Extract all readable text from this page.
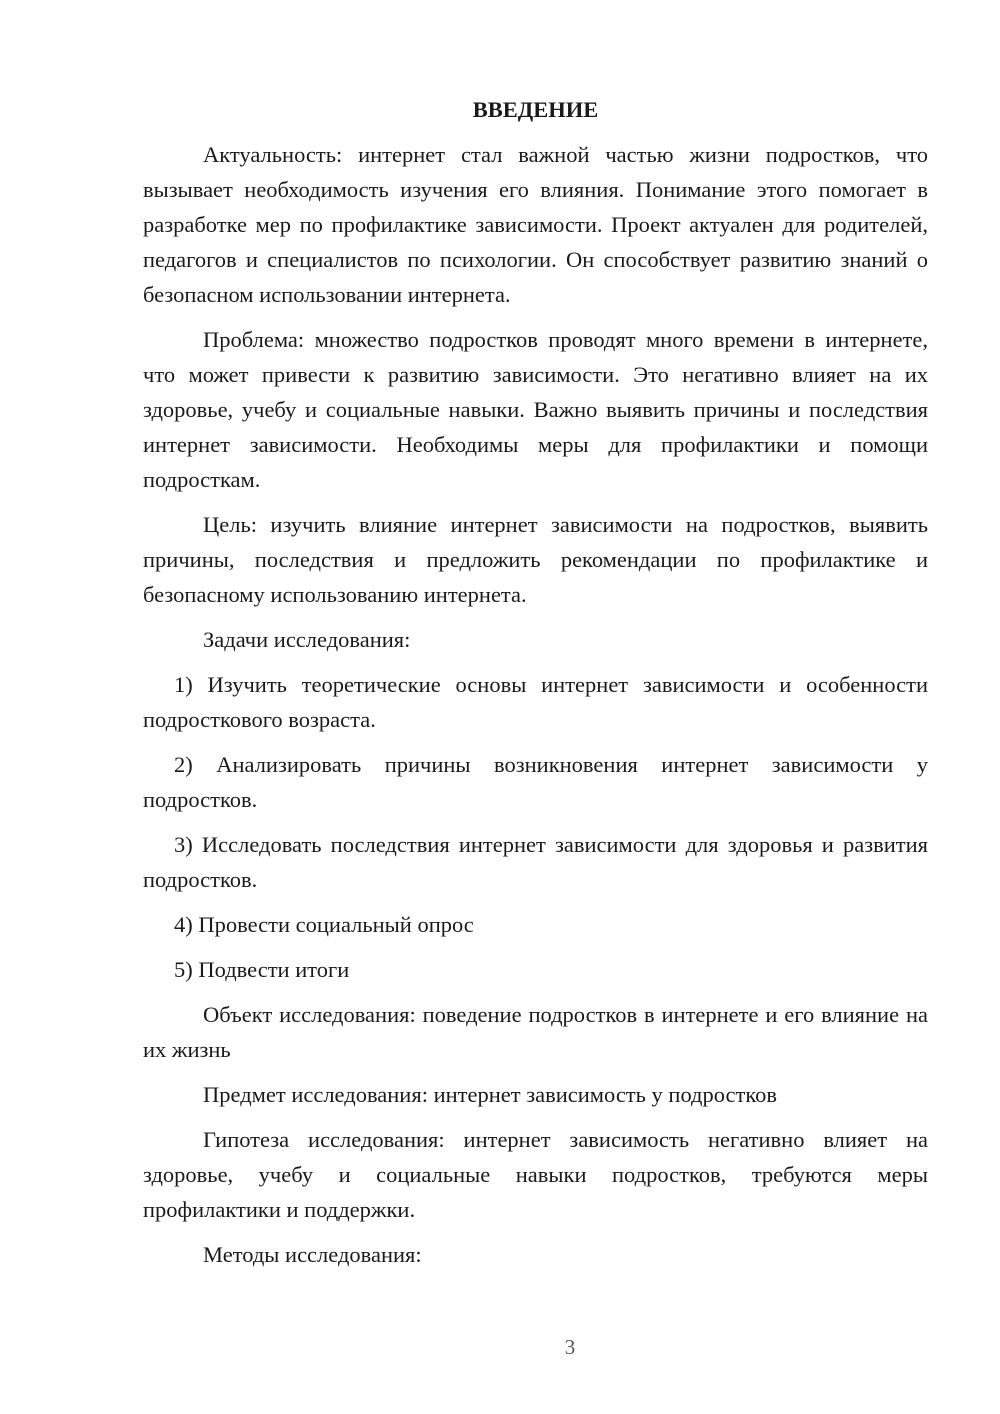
ВВЕДЕНИЕ

Актуальность: интернет стал важной частью жизни подростков, что вызывает необходимость изучения его влияния. Понимание этого помогает в разработке мер по профилактике зависимости. Проект актуален для родителей, педагогов и специалистов по психологии. Он способствует развитию знаний о безопасном использовании интернета.

Проблема: множество подростков проводят много времени в интернете, что может привести к развитию зависимости. Это негативно влияет на их здоровье, учебу и социальные навыки. Важно выявить причины и последствия интернет зависимости. Необходимы меры для профилактики и помощи подросткам.

Цель: изучить влияние интернет зависимости на подростков, выявить причины, последствия и предложить рекомендации по профилактике и безопасному использованию интернета.

Задачи исследования:

1) Изучить теоретические основы интернет зависимости и особенности подросткового возраста.

2) Анализировать причины возникновения интернет зависимости у подростков.

3) Исследовать последствия интернет зависимости для здоровья и развития подростков.

4) Провести социальный опрос

5) Подвести итоги

Объект исследования: поведение подростков в интернете и его влияние на их жизнь

Предмет исследования: интернет зависимость у подростков

Гипотеза исследования: интернет зависимость негативно влияет на здоровье, учебу и социальные навыки подростков, требуются меры профилактики и поддержки.

Методы исследования:

3
